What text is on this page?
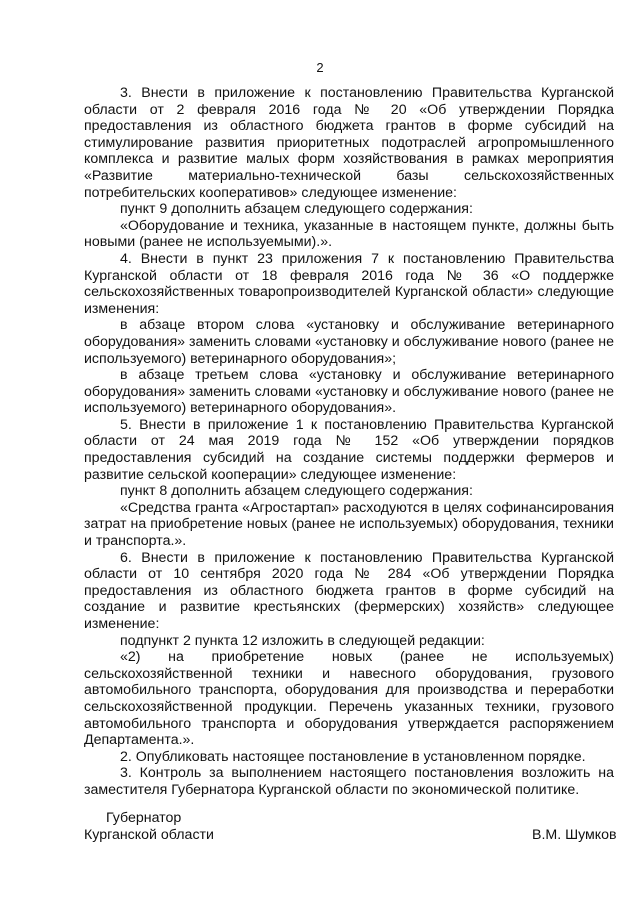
2

3. Внести в приложение к постановлению Правительства Курганской области от 2 февраля 2016 года № 20 «Об утверждении Порядка предоставления из областного бюджета грантов в форме субсидий на стимулирование развития приоритетных подотраслей агропромышленного комплекса и развитие малых форм хозяйствования в рамках мероприятия «Развитие материально-технической базы сельскохозяйственных потребительских кооперативов» следующее изменение:

пункт 9 дополнить абзацем следующего содержания:

«Оборудование и техника, указанные в настоящем пункте, должны быть новыми (ранее не используемыми).».

4. Внести в пункт 23 приложения 7 к постановлению Правительства Курганской области от 18 февраля 2016 года № 36 «О поддержке сельскохозяйственных товаропроизводителей Курганской области» следующие изменения:

в абзаце втором слова «установку и обслуживание ветеринарного оборудования» заменить словами «установку и обслуживание нового (ранее не используемого) ветеринарного оборудования»;

в абзаце третьем слова «установку и обслуживание ветеринарного оборудования» заменить словами «установку и обслуживание нового (ранее не используемого) ветеринарного оборудования».

5. Внести в приложение 1 к постановлению Правительства Курганской области от 24 мая 2019 года № 152 «Об утверждении порядков предоставления субсидий на создание системы поддержки фермеров и развитие сельской кооперации» следующее изменение:

пункт 8 дополнить абзацем следующего содержания:

«Средства гранта «Агростартап» расходуются в целях софинансирования затрат на приобретение новых (ранее не используемых) оборудования, техники и транспорта.».

6. Внести в приложение к постановлению Правительства Курганской области от 10 сентября 2020 года № 284 «Об утверждении Порядка предоставления из областного бюджета грантов в форме субсидий на создание и развитие крестьянских (фермерских) хозяйств» следующее изменение:

подпункт 2 пункта 12 изложить в следующей редакции:

«2) на приобретение новых (ранее не используемых) сельскохозяйственной техники и навесного оборудования, грузового автомобильного транспорта, оборудования для производства и переработки сельскохозяйственной продукции. Перечень указанных техники, грузового автомобильного транспорта и оборудования утверждается распоряжением Департамента.».

2. Опубликовать настоящее постановление в установленном порядке.

3. Контроль за выполнением настоящего постановления возложить на заместителя Губернатора Курганской области по экономической политике.

Губернатор
Курганской области	В.М. Шумков
